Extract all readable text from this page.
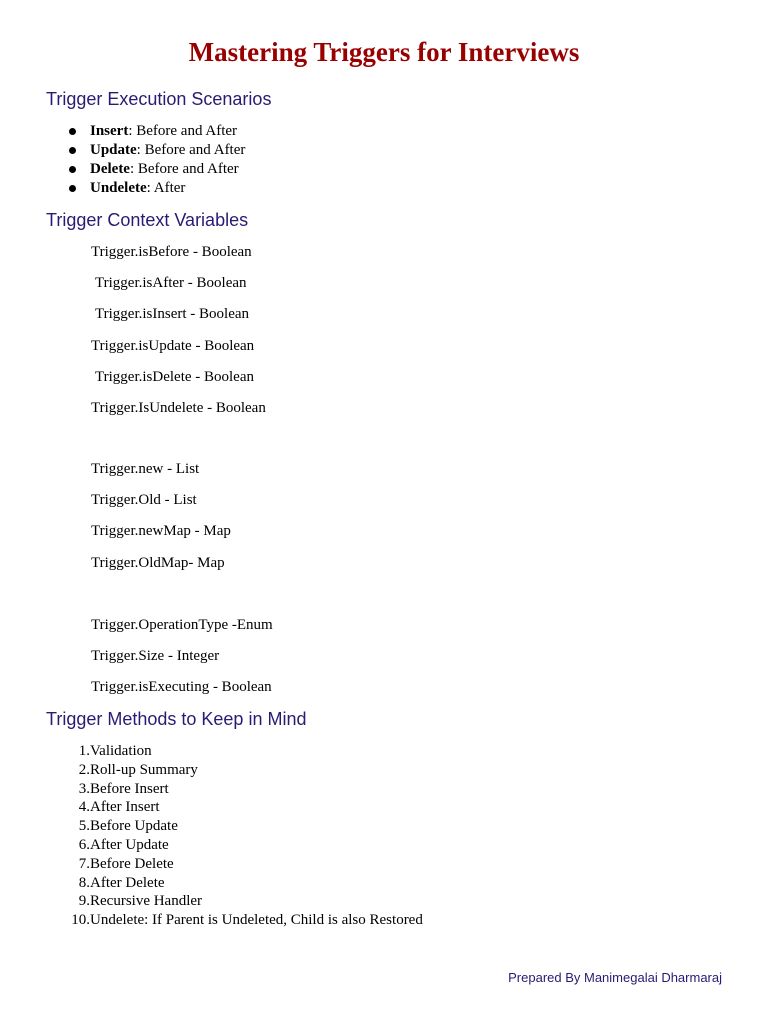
Mastering Triggers for Interviews
Trigger Execution Scenarios
Insert: Before and After
Update: Before and After
Delete: Before and After
Undelete: After
Trigger Context Variables

Trigger.isBefore - Boolean

Trigger.isAfter - Boolean

Trigger.isInsert - Boolean

Trigger.isUpdate - Boolean

Trigger.isDelete - Boolean

Trigger.IsUndelete - Boolean

Trigger.new - List

Trigger.Old - List

Trigger.newMap - Map

Trigger.OldMap- Map

Trigger.OperationType -Enum

Trigger.Size - Integer

Trigger.isExecuting - Boolean

Trigger Methods to Keep in Mind
1. Validation
2. Roll-up Summary
3. Before Insert
4. After Insert
5. Before Update
6. After Update
7. Before Delete
8. After Delete
9. Recursive Handler
10. Undelete: If Parent is Undeleted, Child is also Restored

Prepared By Manimegalai Dharmaraj
